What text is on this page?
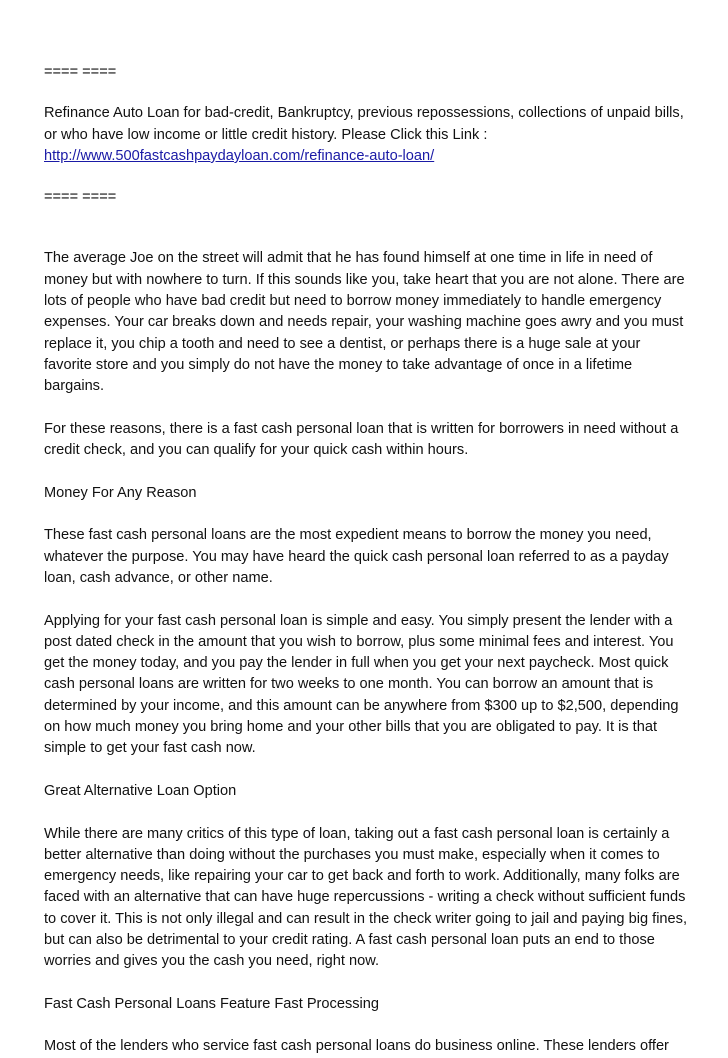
==== ====

Refinance Auto Loan for bad-credit, Bankruptcy, previous repossessions, collections of unpaid bills, or who have low income or little credit history. Please Click this Link :

http://www.500fastcashpaydayloan.com/refinance-auto-loan/

==== ====

The average Joe on the street will admit that he has found himself at one time in life in need of money but with nowhere to turn. If this sounds like you, take heart that you are not alone. There are lots of people who have bad credit but need to borrow money immediately to handle emergency expenses. Your car breaks down and needs repair, your washing machine goes awry and you must replace it, you chip a tooth and need to see a dentist, or perhaps there is a huge sale at your favorite store and you simply do not have the money to take advantage of once in a lifetime bargains.

For these reasons, there is a fast cash personal loan that is written for borrowers in need without a credit check, and you can qualify for your quick cash within hours.

Money For Any Reason

These fast cash personal loans are the most expedient means to borrow the money you need, whatever the purpose. You may have heard the quick cash personal loan referred to as a payday loan, cash advance, or other name.

Applying for your fast cash personal loan is simple and easy. You simply present the lender with a post dated check in the amount that you wish to borrow, plus some minimal fees and interest. You get the money today, and you pay the lender in full when you get your next paycheck. Most quick cash personal loans are written for two weeks to one month. You can borrow an amount that is determined by your income, and this amount can be anywhere from $300 up to $2,500, depending on how much money you bring home and your other bills that you are obligated to pay. It is that simple to get your fast cash now.

Great Alternative Loan Option

While there are many critics of this type of loan, taking out a fast cash personal loan is certainly a better alternative than doing without the purchases you must make, especially when it comes to emergency needs, like repairing your car to get back and forth to work. Additionally, many folks are faced with an alternative that can have huge repercussions - writing a check without sufficient funds to cover it. This is not only illegal and can result in the check writer going to jail and paying big fines, but can also be detrimental to your credit rating. A fast cash personal loan puts an end to those worries and gives you the cash you need, right now.

Fast Cash Personal Loans Feature Fast Processing

Most of the lenders who service fast cash personal loans do business online. These lenders offer
